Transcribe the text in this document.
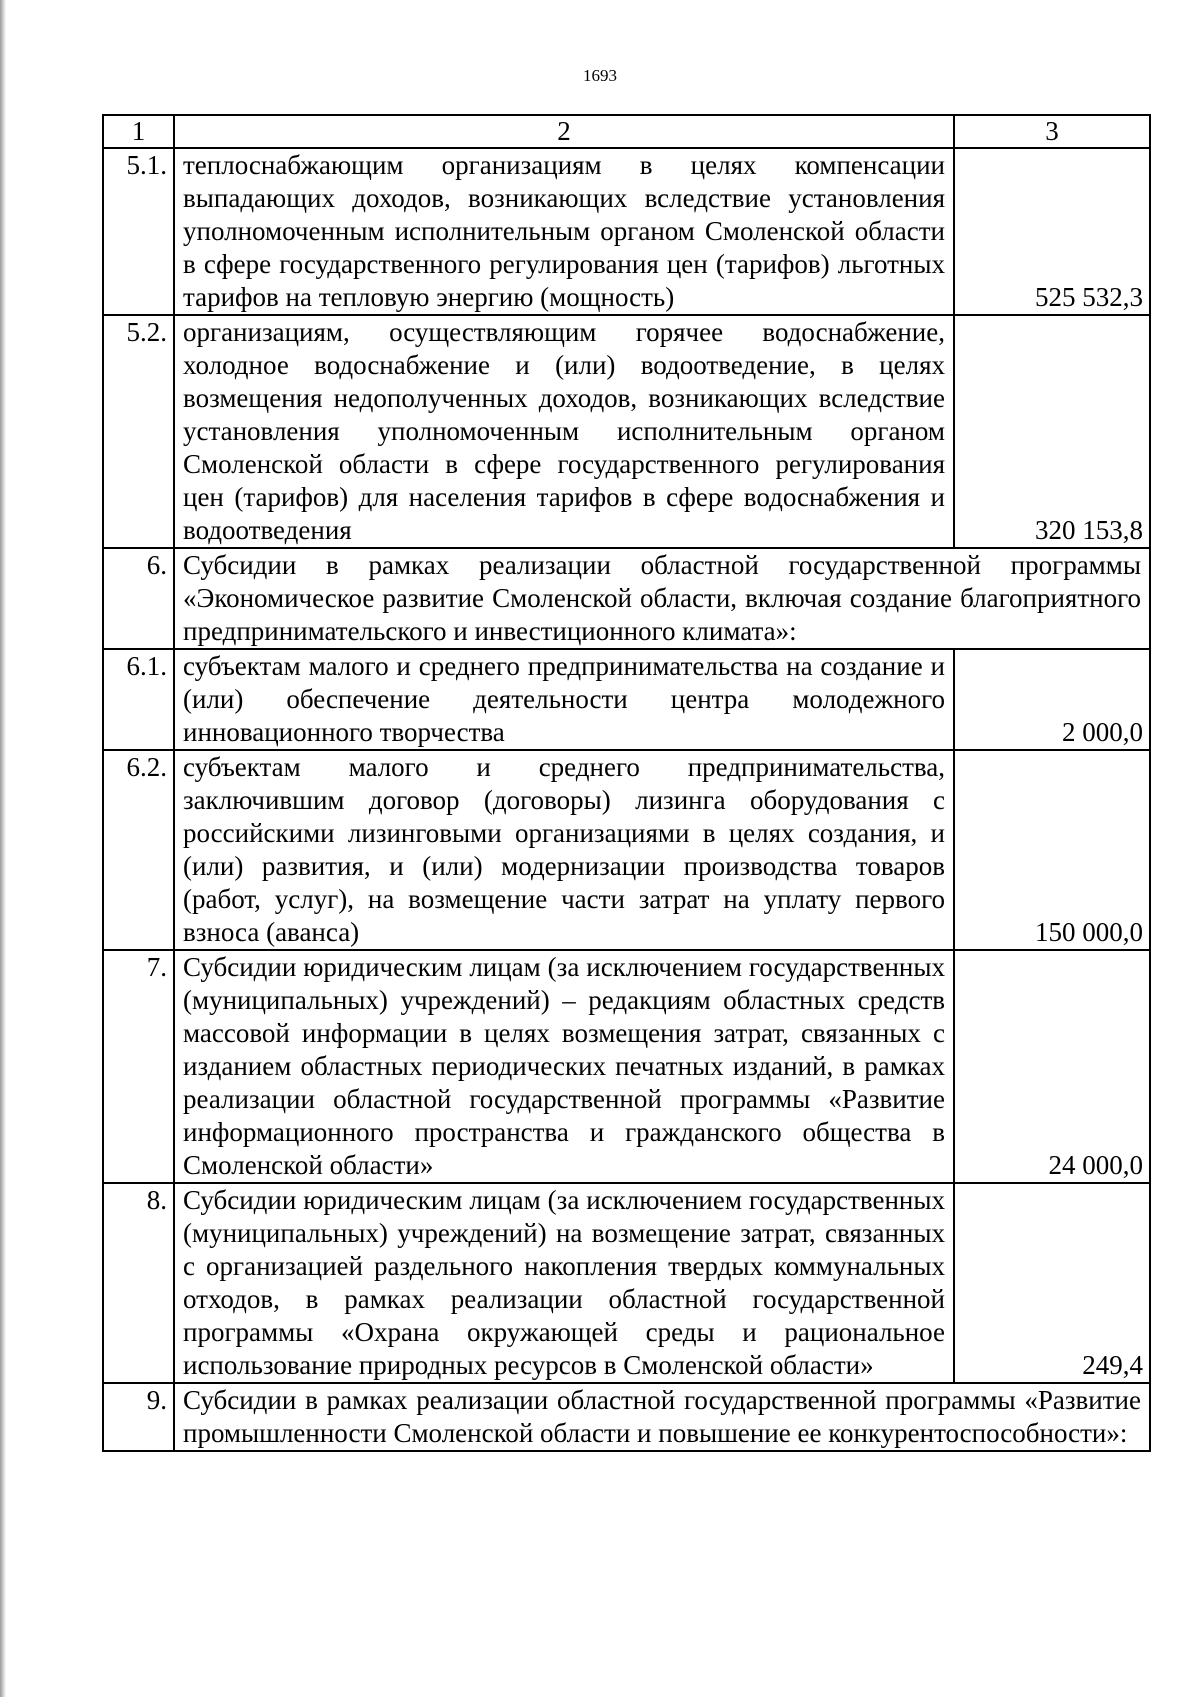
1693
1	2	3
5.1.	теплоснабжающим организациям в целях компенсации выпадающих доходов, возникающих вследствие установления уполномоченным исполнительным органом Смоленской области в сфере государственного регулирования цен (тарифов) льготных тарифов на тепловую энергию (мощность)	525 532,3
5.2.	организациям, осуществляющим горячее водоснабжение, холодное водоснабжение и (или) водоотведение, в целях возмещения недополученных доходов, возникающих вследствие установления уполномоченным исполнительным органом Смоленской области в сфере государственного регулирования цен (тарифов) для населения тарифов в сфере водоснабжения и водоотведения	320 153,8
6.	Субсидии в рамках реализации областной государственной программы «Экономическое развитие Смоленской области, включая создание благоприятного предпринимательского и инвестиционного климата»:	
6.1.	субъектам малого и среднего предпринимательства на создание и (или) обеспечение деятельности центра молодежного инновационного творчества	2 000,0
6.2.	субъектам малого и среднего предпринимательства, заключившим договор (договоры) лизинга оборудования с российскими лизинговыми организациями в целях создания, и (или) развития, и (или) модернизации производства товаров (работ, услуг), на возмещение части затрат на уплату первого взноса (аванса)	150 000,0
7.	Субсидии юридическим лицам (за исключением государственных (муниципальных) учреждений) – редакциям областных средств массовой информации в целях возмещения затрат, связанных с изданием областных периодических печатных изданий, в рамках реализации областной государственной программы «Развитие информационного пространства и гражданского общества в Смоленской области»	24 000,0
8.	Субсидии юридическим лицам (за исключением государственных (муниципальных) учреждений) на возмещение затрат, связанных с организацией раздельного накопления твердых коммунальных отходов, в рамках реализации областной государственной программы «Охрана окружающей среды и рациональное использование природных ресурсов в Смоленской области»	249,4
9.	Субсидии в рамках реализации областной государственной программы «Развитие промышленности Смоленской области и повышение ее конкурентоспособности»:	
